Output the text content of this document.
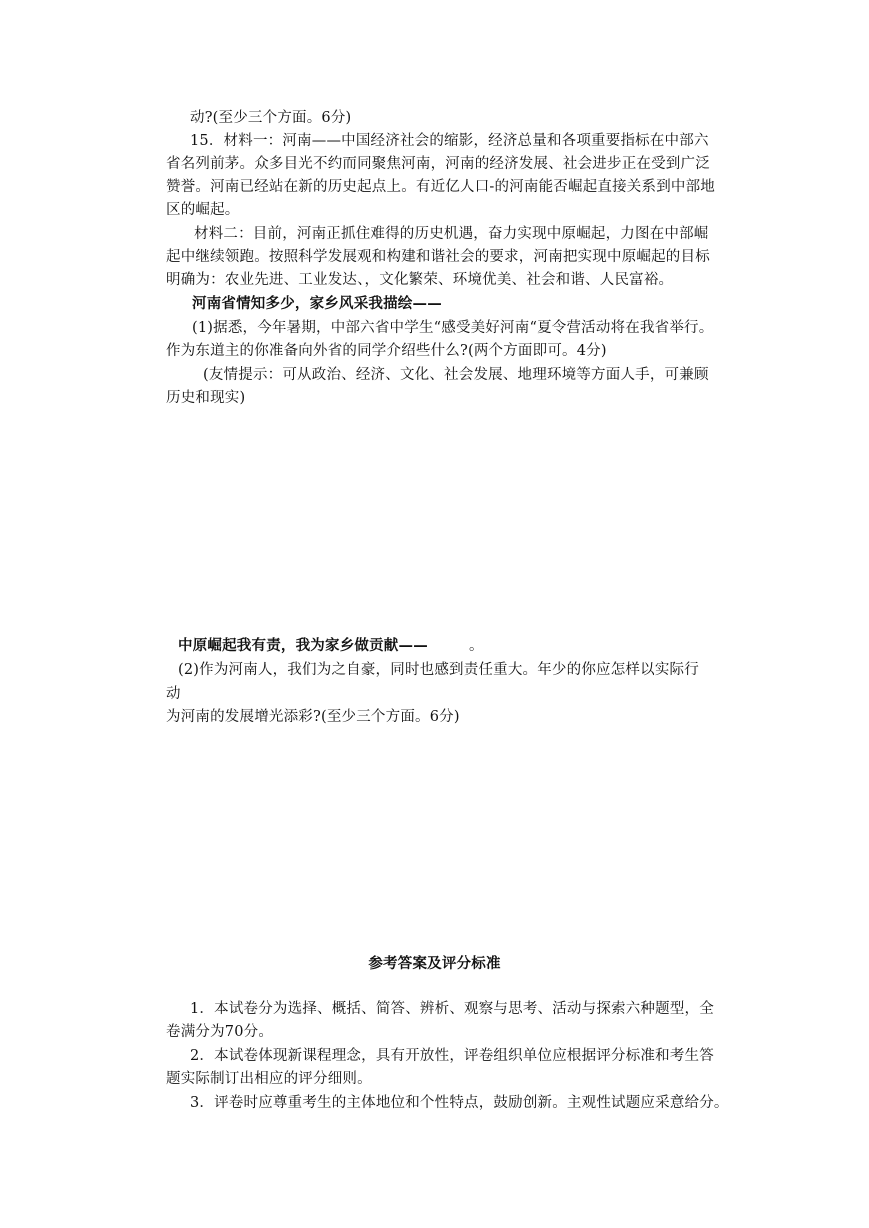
动?(至少三个方面。6分)
15．材料一：河南——中国经济社会的缩影，经济总量和各项重要指标在中部六
省名列前茅。众多目光不约而同聚焦河南，河南的经济发展、社会进步正在受到广泛
赞誉。河南已经站在新的历史起点上。有近亿人口-的河南能否崛起直接关系到中部地
区的崛起。
材料二：目前，河南正抓住难得的历史机遇，奋力实现中原崛起，力图在中部崛
起中继续领跑。按照科学发展观和构建和谐社会的要求，河南把实现中原崛起的目标
明确为：农业先进、工业发达、，文化繁荣、环境优美、社会和谐、人民富裕。
河南省情知多少，家乡风采我描绘——
(1)据悉，今年暑期，中部六省中学生“感受美好河南“夏令营活动将在我省举行。
作为东道主的你准备向外省的同学介绍些什么?(两个方面即可。4分)
(友情提示：可从政治、经济、文化、社会发展、地理环境等方面人手，可兼顾
历史和现实)
中原崛起我有责，我为家乡做贡献——	。
(2)作为河南人，我们为之自豪，同时也感到责任重大。年少的你应怎样以实际行
动
为河南的发展增光添彩?(至少三个方面。6分)
参考答案及评分标准
1．本试卷分为选择、概括、简答、辨析、观察与思考、活动与探索六种题型，全
卷满分为70分。
2．本试卷体现新课程理念，具有开放性，评卷组织单位应根据评分标准和考生答
题实际制订出相应的评分细则。
3．评卷时应尊重考生的主体地位和个性特点，鼓励创新。主观性试题应采意给分。
